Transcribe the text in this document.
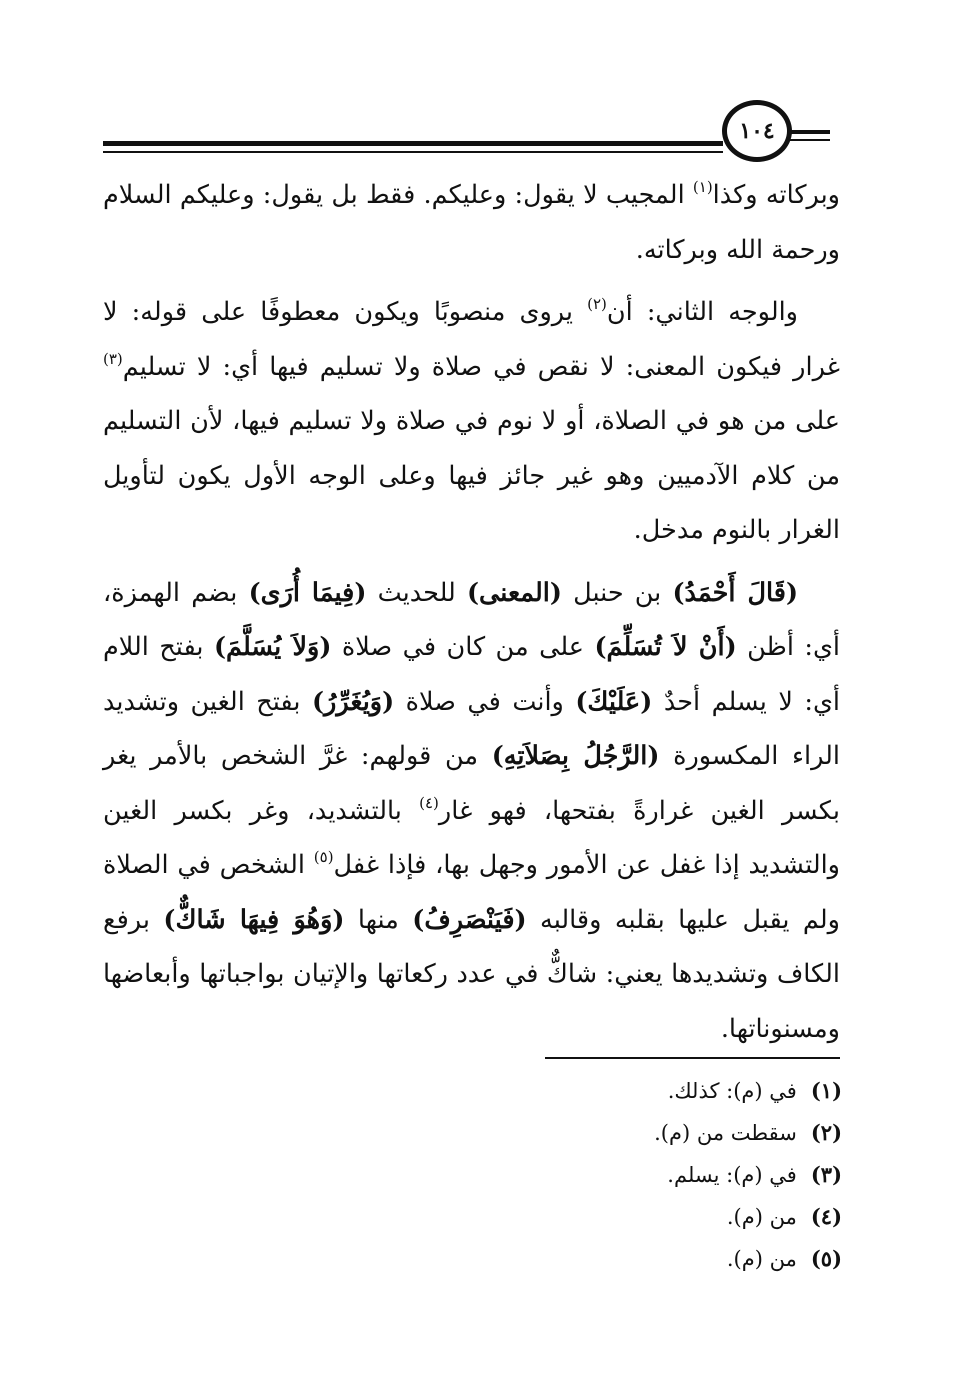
١٠٤

وبركاته وكذا$^{(١)}$ المجيب لا يقول: وعليكم. فقط بل يقول: وعليكم السلام ورحمة الله وبركاته.

والوجه الثاني: أن$^{(٢)}$ يروى منصوبًا ويكون معطوفًا على قوله: لا غرار فيكون المعنى: لا نقص في صلاة ولا تسليم فيها أي: لا تسليم$^{(٣)}$ على من هو في الصلاة، أو لا نوم في صلاة ولا تسليم فيها، لأن التسليم من كلام الآدميين وهو غير جائز فيها وعلى الوجه الأول يكون لتأويل الغرار بالنوم مدخل.

(قَالَ أَحْمَدُ) بن حنبل (المعنى) للحديث (فِيمَا أُرَى) بضم الهمزة، أي: أظن (أَنْ لاَ تُسَلِّمَ) على من كان في صلاة (وَلاَ يُسَلَّمَ) بفتح اللام أي: لا يسلم أحدٌ (عَلَيْكَ) وأنت في صلاة (وَيُغَرِّرُ) بفتح الغين وتشديد الراء المكسورة (الرَّجُلُ بِصَلاَتِهِ) من قولهم: غرَّ الشخص بالأمر يغر بكسر الغين غرارةً بفتحها، فهو غار$^{(٤)}$ بالتشديد، وغر بكسر الغين والتشديد إذا غفل عن الأمور وجهل بها، فإذا غفل$^{(٥)}$ الشخص في الصلاة ولم يقبل عليها بقلبه وقالبه (فَيَنْصَرِفُ) منها (وَهُوَ فِيهَا شَاكٌّ) برفع الكاف وتشديدها يعني: شاكٌّ في عدد ركعاتها والإتيان بواجباتها وأبعاضها ومسنوناتها.

(١)في (م): كذلك.
(٢)سقطت من (م).
(٣)في (م): يسلم.
(٤)من (م).
(٥)من (م).
